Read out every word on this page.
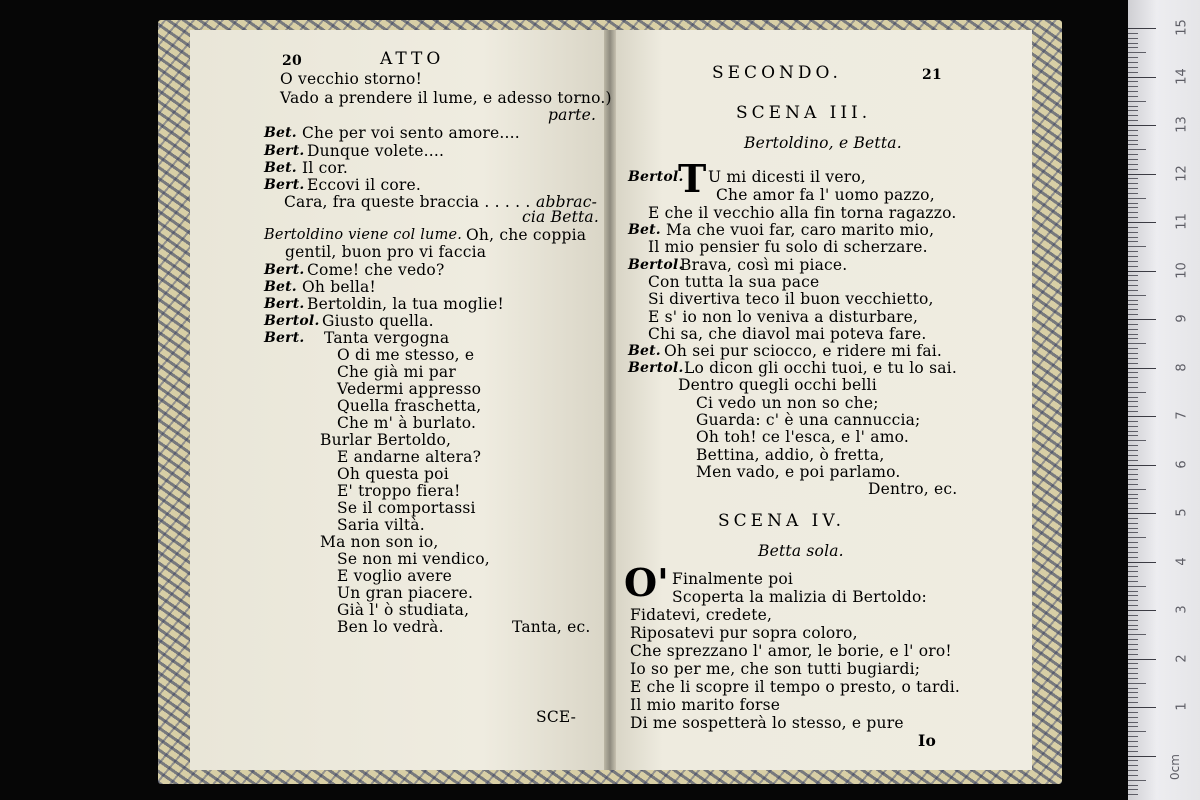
20	ATTO
O vecchio storno!
Vado a prendere il lume, e adesso torno.)
parte.
Bet. Che per voi sento amore....
Bert. Dunque volete....
Bet. Il cor.
Bert. Eccovi il core.
Cara, fra queste braccia . . . . . abbrac-
cia Betta.
Bertoldino viene col lume. Oh, che coppia
gentil, buon pro vi faccia
Bert. Come! che vedo?
Bet. Oh bella!
Bert. Bertoldin, la tua moglie!
Bertol. Giusto quella.
Bert. Tanta vergogna
O di me stesso, e
Che già mi par
Vedermi appresso
Quella fraschetta,
Che m' à burlato.
Burlar Bertoldo,
E andarne altera?
Oh questa poi
E' troppo fiera!
Se il comportassi
Saria viltà.
Ma non son io,
Se non mi vendico,
E voglio avere
Un gran piacere.
Già l' ò studiata,
Ben lo vedrà.	Tanta, ec.
SCE-
SECONDO.	21
SCENA III.
Bertoldino, e Betta.
Bertol.
T U mi dicesti il vero,
Che amor fa l' uomo pazzo,
E che il vecchio alla fin torna ragazzo.
Bet. Ma che vuoi far, caro marito mio,
Il mio pensier fu solo di scherzare.
Bertol.
Brava, così mi piace.
Con tutta la sua pace
Si divertiva teco il buon vecchietto,
E s' io non lo veniva a disturbare,
Chi sa, che diavol mai poteva fare.
Bet. Oh sei pur sciocco, e ridere mi fai.
Bertol. Lo dicon gli occhi tuoi, e tu lo sai.
Dentro quegli occhi belli
Ci vedo un non so che;
Guarda: c' è una cannuccia;
Oh toh! ce l'esca, e l' amo.
Bettina, addio, ò fretta,
Men vado, e poi parlamo.
Dentro, ec.
SCENA IV.
Betta sola.
O' Finalmente poi
Scoperta la malizia di Bertoldo:
Fidatevi, credete,
Riposatevi pur sopra coloro,
Che sprezzano l' amor, le borie, e l' oro!
Io so per me, che son tutti bugiardi;
E che li scopre il tempo o presto, o tardi.
Il mio marito forse
Di me sospetterà lo stesso, e pure
Io
15
14
13
12
11
10
9
8
7
6
5
4
3
2
1
0cm
